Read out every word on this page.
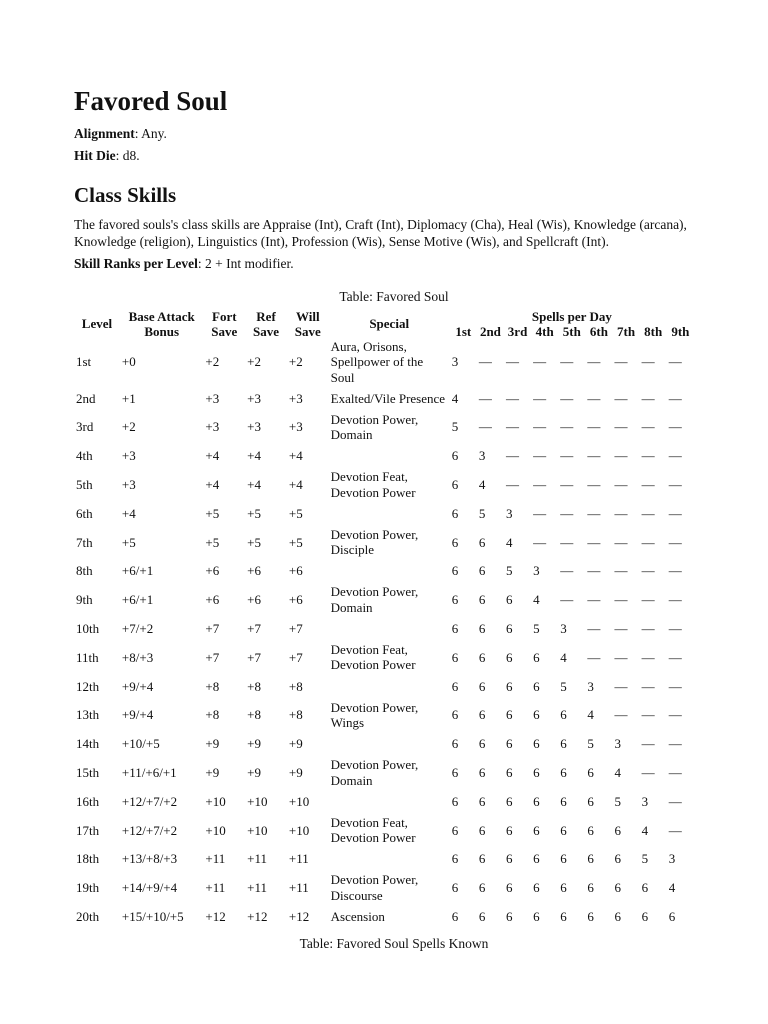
Favored Soul

Alignment: Any.

Hit Die: d8.

Class Skills

The favored souls's class skills are Appraise (Int), Craft (Int), Diplomacy (Cha), Heal (Wis), Knowledge (arcana), Knowledge (religion), Linguistics (Int), Profession (Wis), Sense Motive (Wis), and Spellcraft (Int).

Skill Ranks per Level: 2 + Int modifier.

Table: Favored Soul
Level	Base Attack Bonus	Fort Save	Ref Save	Will Save	Special	Spells per Day								
						1st	2nd	3rd	4th	5th	6th	7th	8th	9th
1st	+0	+2	+2	+2	Aura, Orisons, Spellpower of the Soul	3	—	—	—	—	—	—	—	—
2nd	+1	+3	+3	+3	Exalted/Vile Presence	4	—	—	—	—	—	—	—	—
3rd	+2	+3	+3	+3	Devotion Power, Domain	5	—	—	—	—	—	—	—	—
4th	+3	+4	+4	+4		6	3	—	—	—	—	—	—	—
5th	+3	+4	+4	+4	Devotion Feat, Devotion Power	6	4	—	—	—	—	—	—	—
6th	+4	+5	+5	+5		6	5	3	—	—	—	—	—	—
7th	+5	+5	+5	+5	Devotion Power, Disciple	6	6	4	—	—	—	—	—	—
8th	+6/+1	+6	+6	+6		6	6	5	3	—	—	—	—	—
9th	+6/+1	+6	+6	+6	Devotion Power, Domain	6	6	6	4	—	—	—	—	—
10th	+7/+2	+7	+7	+7		6	6	6	5	3	—	—	—	—
11th	+8/+3	+7	+7	+7	Devotion Feat, Devotion Power	6	6	6	6	4	—	—	—	—
12th	+9/+4	+8	+8	+8		6	6	6	6	5	3	—	—	—
13th	+9/+4	+8	+8	+8	Devotion Power, Wings	6	6	6	6	6	4	—	—	—
14th	+10/+5	+9	+9	+9		6	6	6	6	6	5	3	—	—
15th	+11/+6/+1	+9	+9	+9	Devotion Power, Domain	6	6	6	6	6	6	4	—	—
16th	+12/+7/+2	+10	+10	+10		6	6	6	6	6	6	5	3	—
17th	+12/+7/+2	+10	+10	+10	Devotion Feat, Devotion Power	6	6	6	6	6	6	6	4	—
18th	+13/+8/+3	+11	+11	+11		6	6	6	6	6	6	6	5	3
19th	+14/+9/+4	+11	+11	+11	Devotion Power, Discourse	6	6	6	6	6	6	6	6	4
20th	+15/+10/+5	+12	+12	+12	Ascension	6	6	6	6	6	6	6	6	6
Table: Favored Soul Spells Known
